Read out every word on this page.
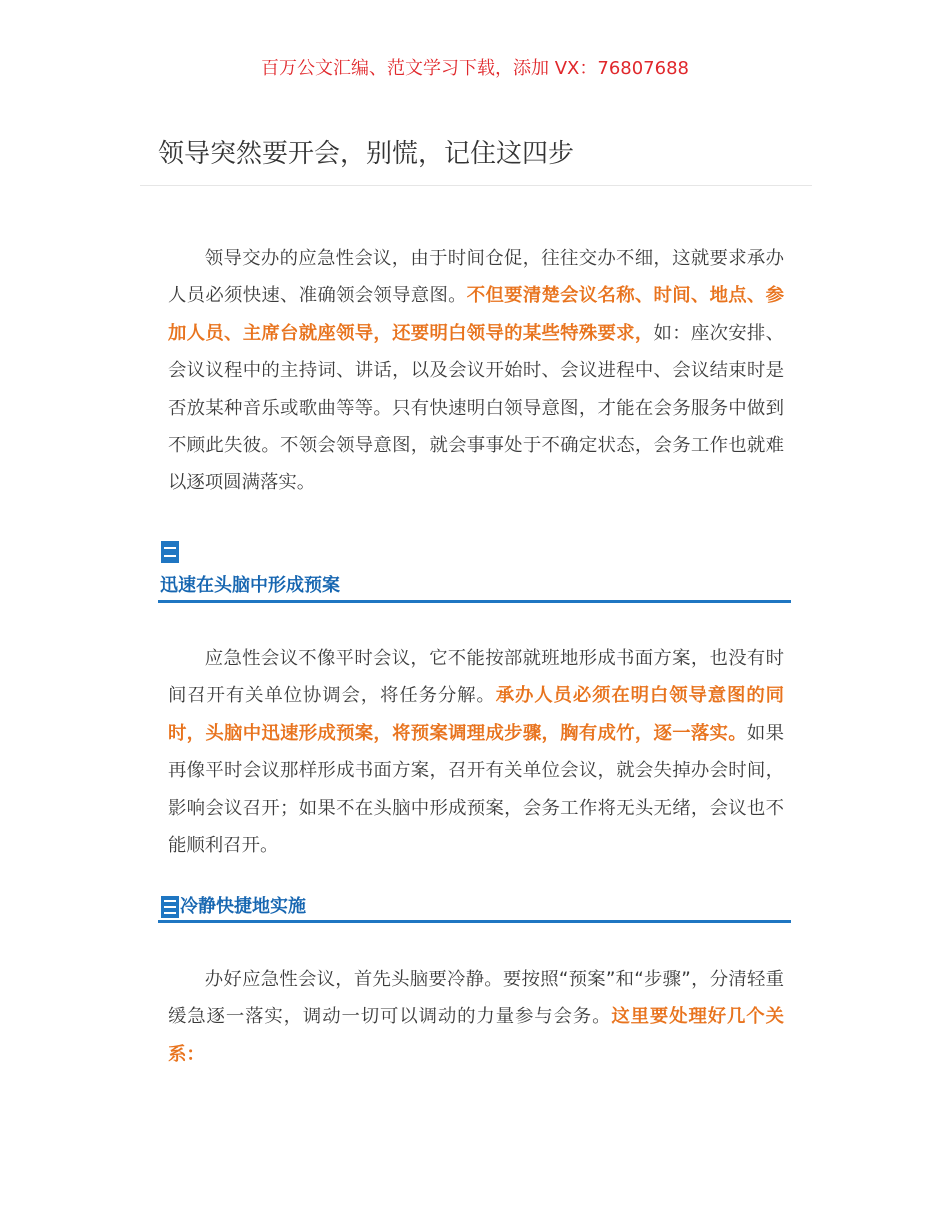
百万公文汇编、范文学习下载，添加 VX：76807688
领导突然要开会，别慌，记住这四步

领导交办的应急性会议，由于时间仓促，往往交办不细，这就要求承办人员必须快速、准确领会领导意图。不但要清楚会议名称、时间、地点、参加人员、主席台就座领导，还要明白领导的某些特殊要求，如：座次安排、会议议程中的主持词、讲话，以及会议开始时、会议进程中、会议结束时是否放某种音乐或歌曲等等。只有快速明白领导意图，才能在会务服务中做到不顾此失彼。不领会领导意图，就会事事处于不确定状态，会务工作也就难以逐项圆满落实。

迅速在头脑中形成预案

应急性会议不像平时会议，它不能按部就班地形成书面方案，也没有时间召开有关单位协调会，将任务分解。承办人员必须在明白领导意图的同时，头脑中迅速形成预案，将预案调理成步骤，胸有成竹，逐一落实。如果再像平时会议那样形成书面方案，召开有关单位会议，就会失掉办会时间，影响会议召开；如果不在头脑中形成预案，会务工作将无头无绪，会议也不能顺利召开。

冷静快捷地实施

办好应急性会议，首先头脑要冷静。要按照“预案”和“步骤”，分清轻重缓急逐一落实，调动一切可以调动的力量参与会务。这里要处理好几个关系：
